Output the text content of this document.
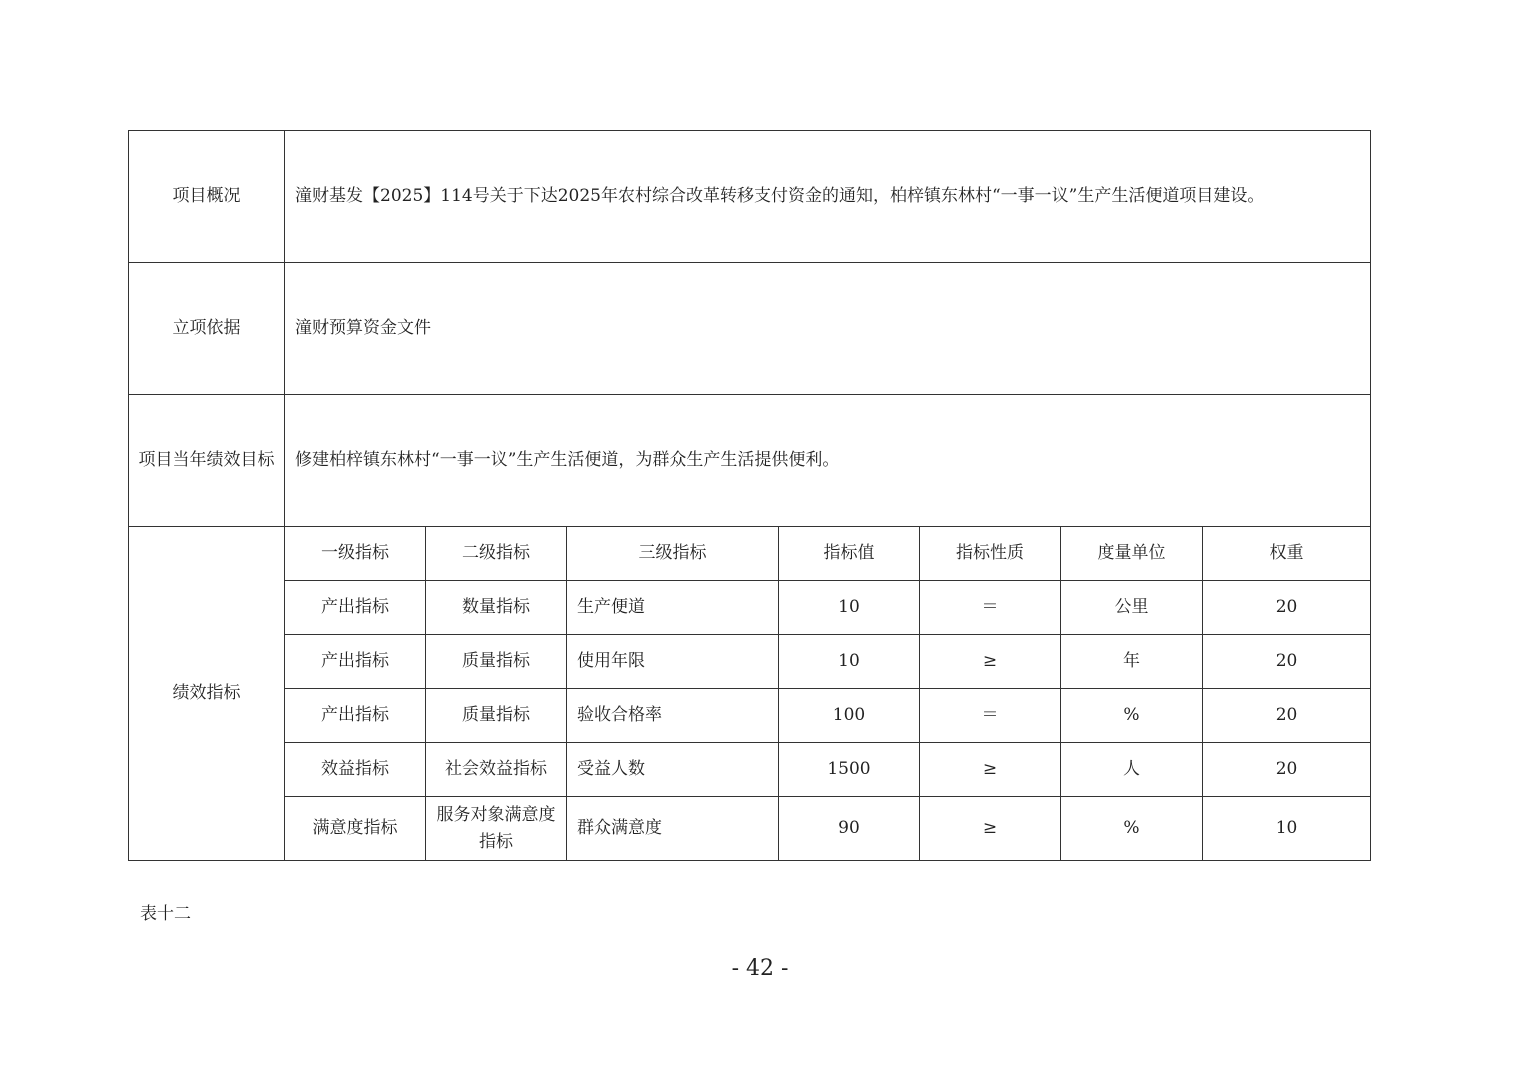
项目概况	潼财基发【2025】114号关于下达2025年农村综合改革转移支付资金的通知，柏梓镇东林村“一事一议”生产生活便道项目建设。						
立项依据	潼财预算资金文件						
项目当年绩效目标	修建柏梓镇东林村“一事一议”生产生活便道，为群众生产生活提供便利。						
绩效指标	一级指标	二级指标	三级指标	指标值	指标性质	度量单位	权重
	产出指标	数量指标	生产便道	10	＝	公里	20
	产出指标	质量指标	使用年限	10	≥	年	20
	产出指标	质量指标	验收合格率	100	＝	%	20
	效益指标	社会效益指标	受益人数	1500	≥	人	20
	满意度指标	服务对象满意度指标	群众满意度	90	≥	%	10
表十二
- 42 -
